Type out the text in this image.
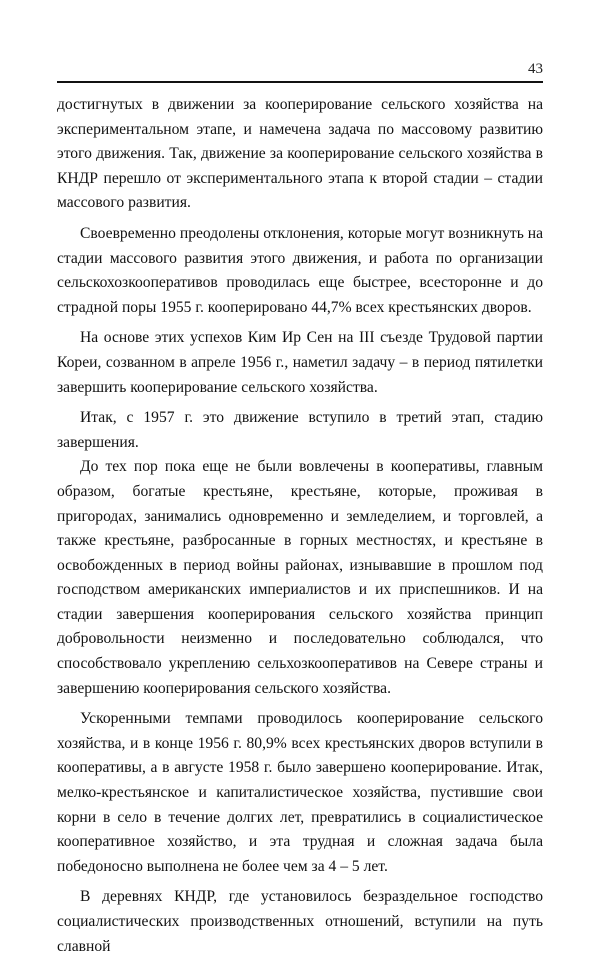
43

достигнутых в движении за кооперирование сельского хозяйства на экспериментальном этапе, и намечена задача по массовому развитию этого движения. Так, движение за кооперирование сельского хозяйства в КНДР перешло от экспериментального этапа к второй стадии – стадии массового развития.

Своевременно преодолены отклонения, которые могут возникнуть на стадии массового развития этого движения, и работа по организации сельскохозкооперативов проводилась еще быстрее, всесторонне и до страдной поры 1955 г. кооперировано 44,7% всех крестьянских дворов.

На основе этих успехов Ким Ир Сен на III съезде Трудовой партии Кореи, созванном в апреле 1956 г., наметил задачу – в период пятилетки завершить кооперирование сельского хозяйства.

Итак, с 1957 г. это движение вступило в третий этап, стадию завершения.

До тех пор пока еще не были вовлечены в кооперативы, главным образом, богатые крестьяне, крестьяне, которые, проживая в пригородах, занимались одновременно и земледелием, и торговлей, а также крестьяне, разбросанные в горных местностях, и крестьяне в освобожденных в период войны районах, изнывавшие в прошлом под господством американских империалистов и их приспешников. И на стадии завершения кооперирования сельского хозяйства принцип добровольности неизменно и последовательно соблюдался, что способствовало укреплению сельхозкооперативов на Севере страны и завершению кооперирования сельского хозяйства.

Ускоренными темпами проводилось кооперирование сельского хозяйства, и в конце 1956 г. 80,9% всех крестьянских дворов вступили в кооперативы, а в августе 1958 г. было завершено кооперирование. Итак, мелко-крестьянское и капиталистическое хозяйства, пустившие свои корни в село в течение долгих лет, превратились в социалистическое кооперативное хозяйство, и эта трудная и сложная задача была победоносно выполнена не более чем за 4 – 5 лет.

В деревнях КНДР, где установилось безраздельное господство социалистических производственных отношений, вступили на путь славной
